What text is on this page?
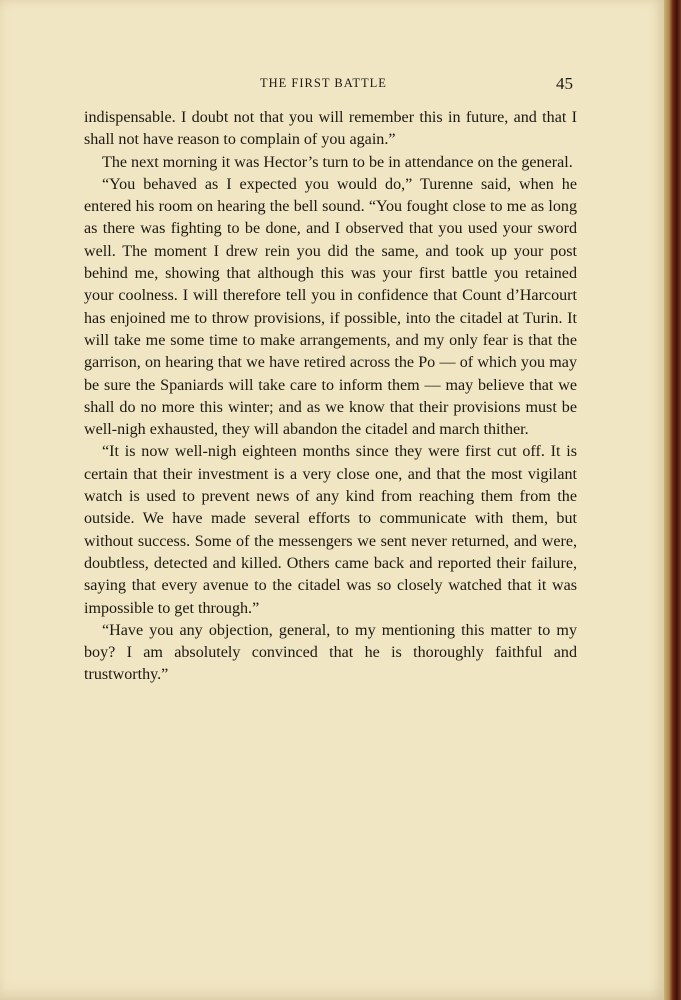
THE FIRST BATTLE	45

indispensable. I doubt not that you will remember this in future, and that I shall not have reason to complain of you again.”

The next morning it was Hector’s turn to be in attendance on the general.

“You behaved as I expected you would do,” Turenne said, when he entered his room on hearing the bell sound. “You fought close to me as long as there was fighting to be done, and I observed that you used your sword well. The moment I drew rein you did the same, and took up your post behind me, showing that although this was your first battle you retained your coolness. I will therefore tell you in confidence that Count d’Harcourt has enjoined me to throw provisions, if possible, into the citadel at Turin. It will take me some time to make arrangements, and my only fear is that the garrison, on hearing that we have retired across the Po — of which you may be sure the Spaniards will take care to inform them — may believe that we shall do no more this winter; and as we know that their provisions must be well-nigh exhausted, they will abandon the citadel and march thither.

“It is now well-nigh eighteen months since they were first cut off. It is certain that their investment is a very close one, and that the most vigilant watch is used to prevent news of any kind from reaching them from the outside. We have made several efforts to communicate with them, but without success. Some of the messengers we sent never returned, and were, doubtless, detected and killed. Others came back and reported their failure, saying that every avenue to the citadel was so closely watched that it was impossible to get through.”

“Have you any objection, general, to my mentioning this matter to my boy? I am absolutely convinced that he is thoroughly faithful and trustworthy.”
